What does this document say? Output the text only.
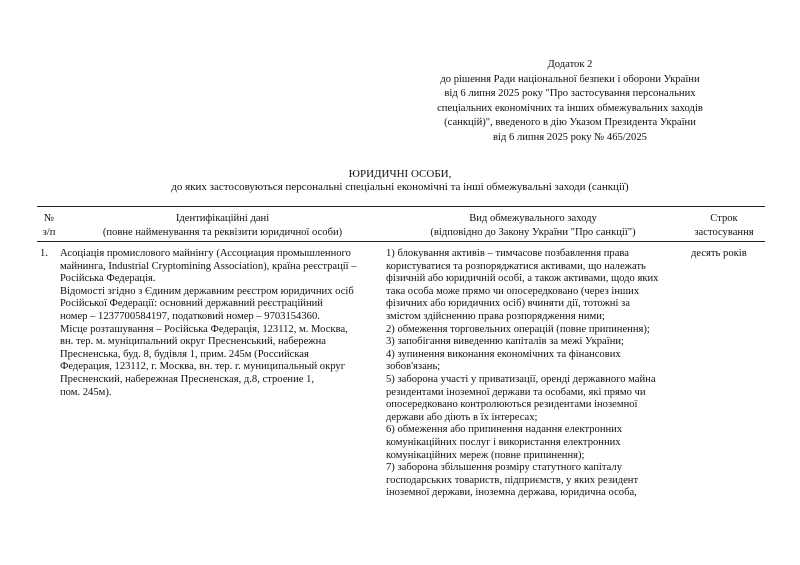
Додаток 2
до рішення Ради національної безпеки і оборони України
від 6 липня 2025 року "Про застосування персональних
спеціальних економічних та інших обмежувальних заходів
(санкцій)", введеного в дію Указом Президента України
від 6 липня 2025 року № 465/2025
ЮРИДИЧНІ ОСОБИ,
до яких застосовуються персональні спеціальні економічні та інші обмежувальні заходи (санкції)
№
з/п
Ідентифікаційні дані
(повне найменування та реквізити юридичної особи)
Вид обмежувального заходу
(відповідно до Закону України "Про санкції")
Строк
застосування
1. Асоціація промислового майнінгу (Ассоциация промышленного
майнинга, Industrial Cryptomining Association), країна реєстрації –
Російська Федерація.
Відомості згідно з Єдиним державним реєстром юридичних осіб
Російської Федерації: основний державний реєстраційний
номер – 1237700584197, податковий номер – 9703154360.
Місце розташування – Російська Федерація, 123112, м. Москва,
вн. тер. м. муніципальний округ Пресненський, набережна
Пресненська, буд. 8, будівля 1, прим. 245м (Российская
Федерация, 123112, г. Москва, вн. тер. г. муниципальный округ
Пресненский, набережная Пресненская, д.8, строение 1,
пом. 245м).
1) блокування активів – тимчасове позбавлення права
користуватися та розпоряджатися активами, що належать
фізичній або юридичній особі, а також активами, щодо яких
така особа може прямо чи опосередковано (через інших
фізичних або юридичних осіб) вчиняти дії, тотожні за
змістом здійсненню права розпорядження ними;
2) обмеження торговельних операцій (повне припинення);
3) запобігання виведенню капіталів за межі України;
4) зупинення виконання економічних та фінансових
зобов'язань;
5) заборона участі у приватизації, оренді державного майна
резидентами іноземної держави та особами, які прямо чи
опосередковано контролюються резидентами іноземної
держави або діють в їх інтересах;
6) обмеження або припинення надання електронних
комунікаційних послуг і використання електронних
комунікаційних мереж (повне припинення);
7) заборона збільшення розміру статутного капіталу
господарських товариств, підприємств, у яких резидент
іноземної держави, іноземна держава, юридична особа,
десять років
